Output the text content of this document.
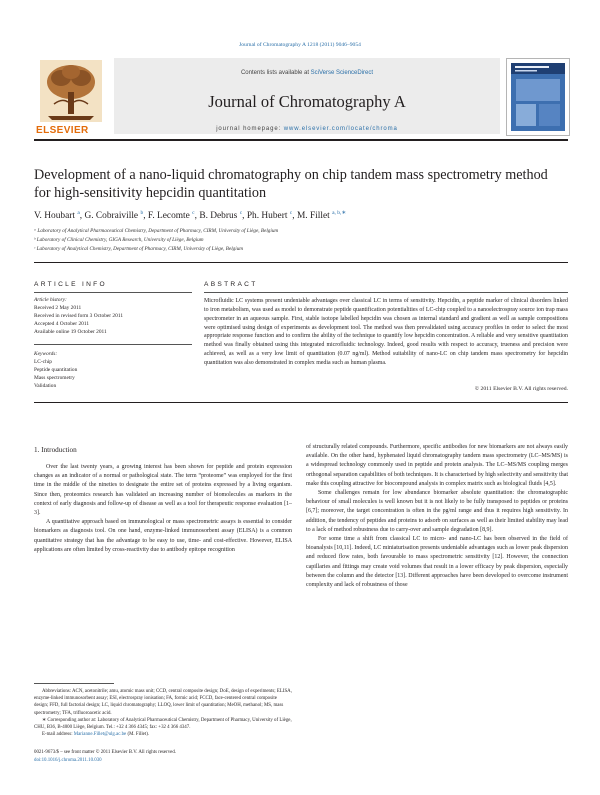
Journal of Chromatography A 1218 (2011) 9046–9054
ELSEVIER
Contents lists available at SciVerse ScienceDirect
Journal of Chromatography A
journal homepage: www.elsevier.com/locate/chroma
Development of a nano-liquid chromatography on chip tandem mass spectrometry method for high-sensitivity hepcidin quantitation
V. Houbart $^a$, G. Cobraiville $^b$, F. Lecomte $^c$, B. Debrus $^c$, Ph. Hubert $^c$, M. Fillet $^{a, b,∗}$
ᵃ Laboratory of Analytical Pharmaceutical Chemistry, Department of Pharmacy, CIRM, University of Liège, Belgium
ᵇ Laboratory of Clinical Chemistry, GIGA Research, University of Liège, Belgium
ᶜ Laboratory of Analytical Chemistry, Department of Pharmacy, CIRM, University of Liège, Belgium
ARTICLE INFO	ABSTRACT
Article history:
Received 2 May 2011
Received in revised form 3 October 2011
Accepted 4 October 2011
Available online 19 October 2011
Keywords:
LC-chip
Peptide quantitation
Mass spectrometry
Validation
Microfluidic LC systems present undeniable advantages over classical LC in terms of sensitivity. Hepcidin, a peptide marker of clinical disorders linked to iron metabolism, was used as model to demonstrate peptide quantification potentialities of LC-chip coupled to a nanoelectrospray source ion trap mass spectrometer in an aqueous sample. First, stable isotope labelled hepcidin was chosen as internal standard and gradient as well as sample compositions were optimised using design of experiments as development tool. The method was then prevalidated using accuracy profiles in order to select the most appropriate response function and to confirm the ability of the technique to quantify low hepcidin concentration. A reliable and very sensitive quantitation method was finally obtained using this integrated microfluidic technology. Indeed, good results with respect to accuracy, trueness and precision were achieved, as well as a very low limit of quantitation (0.07 ng/ml). Method suitability of nano-LC on chip tandem mass spectrometry for hepcidin quantitation was also demonstrated in complex media such as human plasma.
© 2011 Elsevier B.V. All rights reserved.
1. Introduction

Over the last twenty years, a growing interest has been shown for peptide and protein expression changes as an indicator of a normal or pathological state. The term “proteome” was employed for the first time in the middle of the nineties to designate the entire set of proteins expressed by a living organism. Since then, proteomics research has validated an increasing number of biomolecules as markers in the context of early diagnosis and follow-up of disease as well as a tool for therapeutic response evaluation [1–3].

A quantitative approach based on immunological or mass spectrometric assays is essential to consider biomarkers as diagnosis tool. On one hand, enzyme-linked immunosorbent assay (ELISA) is a common quantitative strategy that has the advantage to be easy to use, time- and cost-effective. However, ELISA applications are often limited by cross-reactivity due to antibody epitope recognition

of structurally related compounds. Furthermore, specific antibodies for new biomarkers are not always easily available. On the other hand, hyphenated liquid chromatography tandem mass spectrometry (LC–MS/MS) is a widespread technology commonly used in peptide and protein analysis. The LC–MS/MS coupling merges orthogonal separation capabilities of both techniques. It is characterised by high selectivity and sensitivity that make this coupling attractive for biocompound analysis in complex matrix such as biological fluids [4,5].

Some challenges remain for low abundance biomarker absolute quantitation: the chromatographic behaviour of small molecules is well known but it is not likely to be fully transposed to peptides or proteins [6,7]; moreover, the target concentration is often in the pg/ml range and thus it requires high sensitivity. In addition, the tendency of peptides and proteins to adsorb on surfaces as well as their limited stability may lead to a lack of method robustness due to carry-over and sample degradation [8,9].

For some time a shift from classical LC to micro- and nano-LC has been observed in the field of bioanalysis [10,11]. Indeed, LC miniaturisation presents undeniable advantages such as lower peak dispersion and reduced flow rates, both favourable to mass spectrometric sensitivity [12]. However, the connection capillaries and fittings may create void volumes that result in a lower efficacy by peak dispersion, especially between the column and the detector [13]. Different approaches have been developed to overcome instrument complexity and lack of robustness of those

Abbreviations: ACN, acetonitrile; amu, atomic mass unit; CCD, central composite design; DoE, design of experiments; ELISA, enzyme-linked immunosorbent assay; ESI, electrospray ionisation; FA, formic acid; FCCD, face-centered central composite design; FFD, full factorial design; LC, liquid chromatography; LLOQ, lower limit of quantitation; MeOH, methanol; MS, mass spectrometry; TFA, trifluoroacetic acid.

∗ Corresponding author at: Laboratory of Analytical Pharmaceutical Chemistry, Department of Pharmacy, University of Liège, CHU, B36, B-4000 Liège, Belgium. Tel.: +32 4 366 4345; fax: +32 4 366 4347.

E-mail address: Marianne.Fillet@ulg.ac.be (M. Fillet).

0021-9673/$ – see front matter © 2011 Elsevier B.V. All rights reserved.
doi:10.1016/j.chroma.2011.10.030
